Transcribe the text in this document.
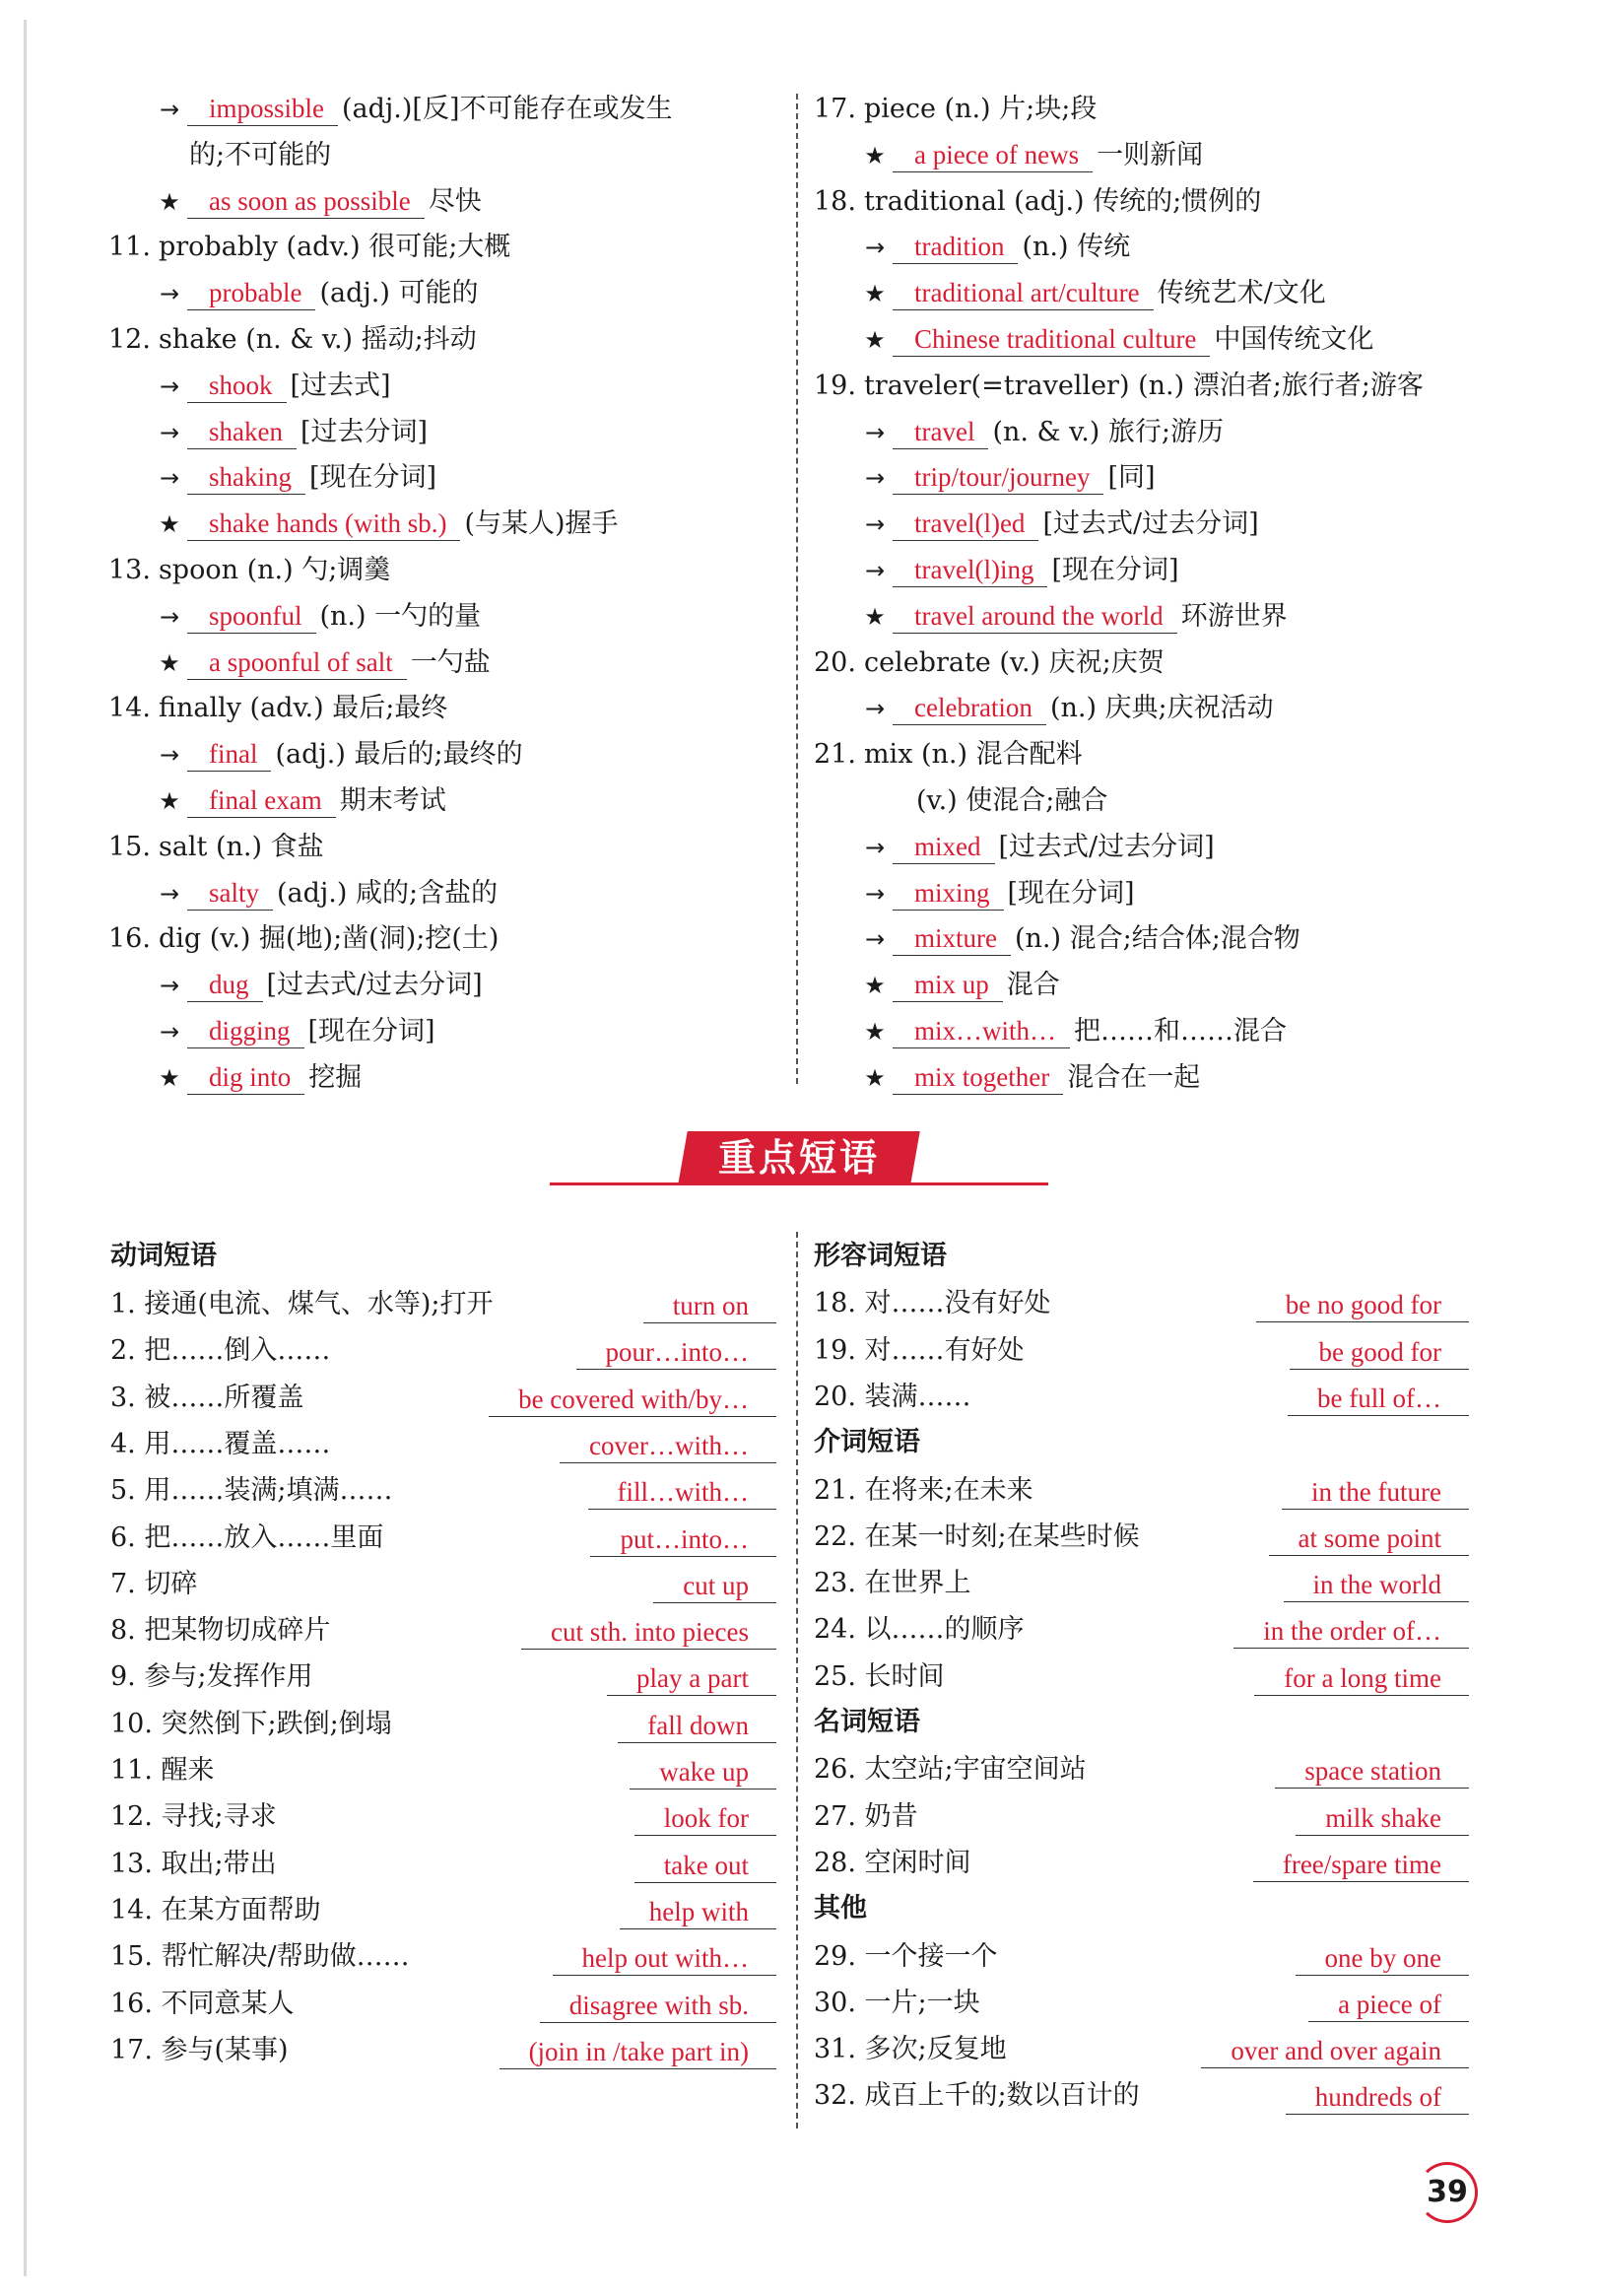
→ impossible (adj.)[反]不可能存在或发生
的;不可能的
★ as soon as possible 尽快
11. probably (adv.) 很可能;大概
→ probable (adj.) 可能的
12. shake (n. & v.) 摇动;抖动
→ shook [过去式]
→ shaken [过去分词]
→ shaking [现在分词]
★ shake hands (with sb.) (与某人)握手
13. spoon (n.) 勺;调羹
→ spoonful (n.) 一勺的量
★ a spoonful of salt 一勺盐
14. finally (adv.) 最后;最终
→ final (adj.) 最后的;最终的
★ final exam 期末考试
15. salt (n.) 食盐
→ salty (adj.) 咸的;含盐的
16. dig (v.) 掘(地);凿(洞);挖(土)
→ dug [过去式/过去分词]
→ digging [现在分词]
★ dig into 挖掘
17. piece (n.) 片;块;段
★ a piece of news 一则新闻
18. traditional (adj.) 传统的;惯例的
→ tradition (n.) 传统
★ traditional art/culture 传统艺术/文化
★ Chinese traditional culture 中国传统文化
19. traveler(=traveller) (n.) 漂泊者;旅行者;游客
→ travel (n. & v.) 旅行;游历
→ trip/tour/journey [同]
→ travel(l)ed [过去式/过去分词]
→ travel(l)ing [现在分词]
★ travel around the world 环游世界
20. celebrate (v.) 庆祝;庆贺
→ celebration (n.) 庆典;庆祝活动
21. mix (n.) 混合配料
(v.) 使混合;融合
→ mixed [过去式/过去分词]
→ mixing [现在分词]
→ mixture (n.) 混合;结合体;混合物
★ mix up 混合
★ mix…with… 把……和……混合
★ mix together 混合在一起
重点短语
动词短语
1. 接通(电流、煤气、水等);打开	turn on
2. 把……倒入……	pour…into…
3. 被……所覆盖	be covered with/by…
4. 用……覆盖……	cover…with…
5. 用……装满;填满……	fill…with…
6. 把……放入……里面	put…into…
7. 切碎	cut up
8. 把某物切成碎片	cut sth. into pieces
9. 参与;发挥作用	play a part
10. 突然倒下;跌倒;倒塌	fall down
11. 醒来	wake up
12. 寻找;寻求	look for
13. 取出;带出	take out
14. 在某方面帮助	help with
15. 帮忙解决/帮助做……	help out with…
16. 不同意某人	disagree with sb.
17. 参与(某事)	(join in /take part in)
形容词短语
18. 对……没有好处	be no good for
19. 对……有好处	be good for
20. 装满……	be full of…
介词短语
21. 在将来;在未来	in the future
22. 在某一时刻;在某些时候	at some point
23. 在世界上	in the world
24. 以……的顺序	in the order of…
25. 长时间	for a long time
名词短语
26. 太空站;宇宙空间站	space station
27. 奶昔	milk shake
28. 空闲时间	free/spare time
其他
29. 一个接一个	one by one
30. 一片;一块	a piece of
31. 多次;反复地	over and over again
32. 成百上千的;数以百计的	hundreds of
39
